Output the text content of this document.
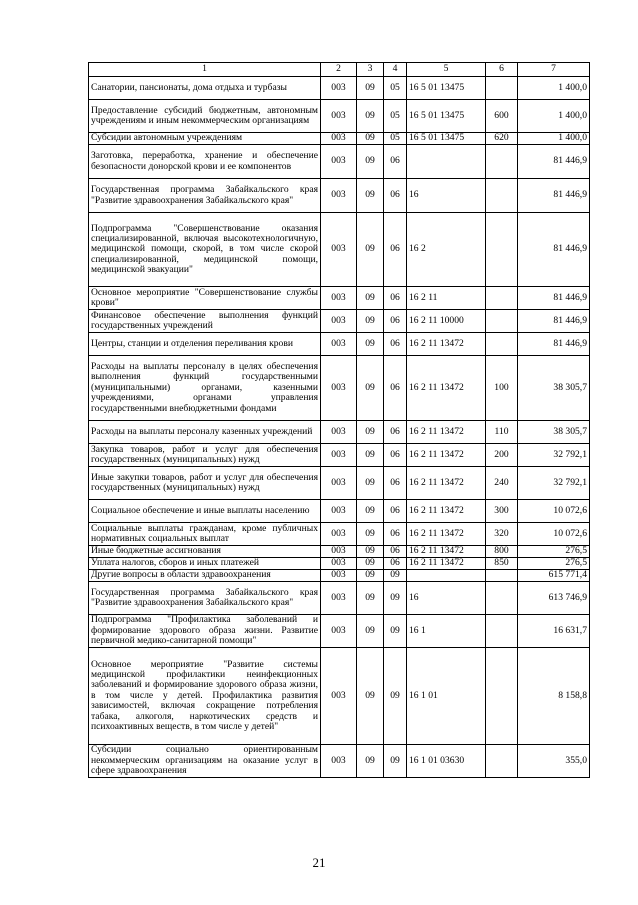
1	2	3	4	5	6	7

Санатории, пансионаты, дома отдыха и турбазы	003	09	05	16 5 01 13475		1 400,0

Предоставление субсидий бюджетным, автономным учреждениям и иным некоммерческим организациям	003	09	05	16 5 01 13475	600	1 400,0

Субсидии автономным учреждениям	003	09	05	16 5 01 13475	620	1 400,0

Заготовка, переработка, хранение и обеспечение безопасности донорской крови и ее компонентов	003	09	06			81 446,9

Государственная программа Забайкальского края "Развитие здравоохранения Забайкальского края"	003	09	06	16		81 446,9

Подпрограмма "Совершенствование оказания специализированной, включая высокотехнологичную, медицинской помощи, скорой, в том числе скорой специализированной, медицинской помощи, медицинской эвакуации"	003	09	06	16 2		81 446,9

Основное мероприятие "Совершенствование службы крови"	003	09	06	16 2 11		81 446,9

Финансовое обеспечение выполнения функций государственных учреждений	003	09	06	16 2 11 10000		81 446,9

Центры, станции и отделения переливания крови	003	09	06	16 2 11 13472		81 446,9

Расходы на выплаты персоналу в целях обеспечения выполнения функций государственными (муниципальными) органами, казенными учреждениями, органами управления государственными внебюджетными фондами	003	09	06	16 2 11 13472	100	38 305,7

Расходы на выплаты персоналу казенных учреждений	003	09	06	16 2 11 13472	110	38 305,7

Закупка товаров, работ и услуг для обеспечения государственных (муниципальных) нужд	003	09	06	16 2 11 13472	200	32 792,1

Иные закупки товаров, работ и услуг для обеспечения государственных (муниципальных) нужд	003	09	06	16 2 11 13472	240	32 792,1

Социальное обеспечение и иные выплаты населению	003	09	06	16 2 11 13472	300	10 072,6

Социальные выплаты гражданам, кроме публичных нормативных социальных выплат	003	09	06	16 2 11 13472	320	10 072,6

Иные бюджетные ассигнования	003	09	06	16 2 11 13472	800	276,5

Уплата налогов, сборов и иных платежей	003	09	06	16 2 11 13472	850	276,5

Другие вопросы в области здравоохранения	003	09	09			615 771,4

Государственная программа Забайкальского края "Развитие здравоохранения Забайкальского края"	003	09	09	16		613 746,9

Подпрограмма "Профилактика заболеваний и формирование здорового образа жизни. Развитие первичной медико-санитарной помощи"	003	09	09	16 1		16 631,7

Основное мероприятие "Развитие системы медицинской профилактики неинфекционных заболеваний и формирование здорового образа жизни, в том числе у детей. Профилактика развития зависимостей, включая сокращение потребления табака, алкоголя, наркотических средств и психоактивных веществ, в том числе у детей"	003	09	09	16 1 01		8 158,8

Субсидии социально ориентированным некоммерческим организациям на оказание услуг в сфере здравоохранения	003	09	09	16 1 01 03630		355,0
21
